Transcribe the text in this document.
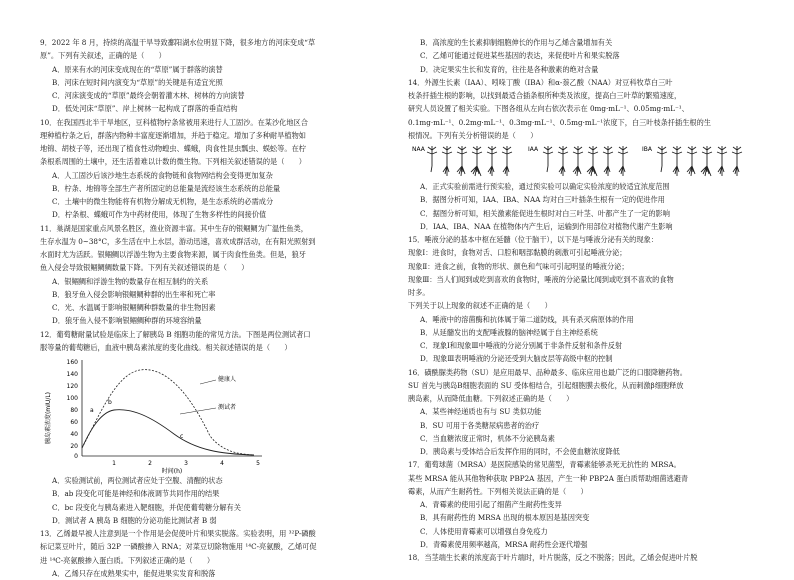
9．2022 年 8 月，持续的高温干旱导致鄱阳湖水位明显下降，很多地方的河床变成“草
原”。下列有关叙述，正确的是（　　）
A．原来有水的河床变成现在的“草原”属于群落的演替
B．河床在短时间内演变为“草原”的关键是有适宜光照
C．河床演变成的“草原”最终会朝着灌木林、树林的方向演替
D．低处河床“草原”、岸上树林一起构成了群落的垂直结构
10．在我国西北半干旱地区，豆科植物柠条常被用来进行人工固沙。在某沙化地区合
理种植柠条之后，群落内物种丰富度逐渐增加，并趋于稳定。增加了多种耐旱植物如
地锦、胡枝子等，还出现了植食性动物蝗虫、蝶蛾，肉食性昆虫瓢虫、蜈蚣等。在柠
条根系周围的土壤中，还生活着难以计数的微生物。下列相关叙述错误的是（　　）
A．人工固沙后该沙地生态系统的食物链和食物网结构会变得更加复杂
B．柠条、地锦等全部生产者所固定的总能量是流经该生态系统的总能量
C．土壤中的微生物能将有机物分解成无机物，是生态系统的必需成分
D．柠条根、蝶蛾可作为中药材使用，体现了生物多样性的间接价值
11．巢湖是国家重点风景名胜区，渔业资源丰富。其中生存的银鲴鲷为广温性鱼类，
生存水温为 0~38°C，多生活在中上水层，游动迅速，喜欢成群活动，在有阳光照射到
水面时尤为活跃。银鲴鲷以浮游生物为主要食物来源，属于肉食性鱼类。但是，狼牙
鱼入侵会导致银鲴鲷鲷数量下降。下列有关叙述错误的是（　　）
A．银鲴鲷和浮游生物的数量存在相互制约的关系
B．狼牙鱼入侵会影响银鲴鲷种群的出生率和死亡率
C．光、水温属于影响银鲴鲷种群数量的非生物因素
D．狼牙鱼入侵不影响银鲴鲷种群的环境容纳量
12．葡萄糖耐量试验是临床上了解胰岛 B 细胞功能的常见方法。下图是两位测试者口
服等量的葡萄糖后，血液中胰岛素浓度的变化曲线。相关叙述错误的是（　　）
胰岛素浓度(mIU/L)
160
140
120
100
80
60
40
20
0
1	2	3	4	5
时间(h)
a
b
c
健康人
测试者
A．实验测试前，两位测试者应处于空腹、清醒的状态
B．ab 段变化可能是神经和体液调节共同作用的结果
C．bc 段变化与胰岛素进入靶细胞，并促使葡萄糖分解有关
D．测试者 A 胰岛 B 细胞的分泌功能比测试者 B 弱
13．乙烯最早被人注意到是一个作用是会促使叶片和果实脱落。实验表明，用 ³²P-磷酸
标记菜豆叶片，随后 32P 一磷酸掺入 RNA；对菜豆切除物施用 ¹⁴C-亮氨酸，乙烯可促
进 ¹⁴C-亮氨酸掺入蛋白质。下列叙述正确的是（　　）
A．乙烯只存在成熟果实中，能促进果实发育和脱落
B．高浓度的生长素抑制细胞伸长的作用与乙烯含量增加有关
C．乙烯可能通过促进某些基因的表达，来促使叶片和果实脱落
D．决定果实生长和发育的，往往是各种激素的绝对含量
14．外源生长素（IAA）、吲哚丁酸（IBA）和α-萘乙酸（NAA）对豆科牧草白三叶
枝条扦插生根的影响，以找到最适合插条根所种类及浓度，提高白三叶草的繁殖速度，
研究人员设置了相关实验。下图各组从左向右依次表示在 0mg·mL⁻¹、0.05mg·mL⁻¹、
0.1mg·mL⁻¹、0.2mg·mL⁻¹、0.3mg·mL⁻¹、0.5mg·mL⁻¹浓度下，白三叶枝条扦插生根的生
根情况。下列有关分析错误的是（　　）
NAA	IAA	IBA
A．正式实验前需进行预实验，通过预实验可以确定实验浓度的较适宜浓度范围
B．据图分析可知，IAA、IBA、NAA 均对白三叶插条生根有一定的促进作用
C．据图分析可知，相关激素能促进生根时对白三叶茎、叶都产生了一定的影响
D．IAA、IBA、NAA 在植物体内产生后，运输到作用部位对植物代谢产生影响
15．唾液分泌的基本中枢在延髓（位于脑干），以下是与唾液分泌有关的现象：
现象Ⅰ：进食时，食物对舌、口腔和咽部黏膜的刺激可引起唾液分泌；
现象Ⅱ：进食之前，食物的形状、颜色和气味可引起明显的唾液分泌；
现象Ⅲ：当人们闻到或吃到喜欢的食物时，唾液的分泌量比闻到或吃到不喜欢的食物
时多。
下列关于以上现象的叙述不正确的是（　　）
A．唾液中的溶菌酶和抗体属于第二道防线，具有杀灭病原体的作用
B．从延髓发出的支配唾液腺的脑神经属于自主神经系统
C．现象Ⅰ和现象Ⅲ中唾液的分泌分别属于非条件反射和条件反射
D．现象Ⅲ表明唾液的分泌还受到大脑皮层等高级中枢的控制
16．磺酰脲类药物（SU）是应用最早、品种最多、临床应用也最广泛的口服降糖药物。
SU 首先与胰岛B细胞表面的 SU 受体相结合，引起细胞膜去极化，从而刺激β细胞释放
胰岛素，从而降低血糖。下列叙述正确的是（　　）
A．某些神经递质也有与 SU 类似功能
B．SU 可用于各类糖尿病患者的治疗
C．当血糖浓度正常时，机体不分泌胰岛素
D．胰岛素与受体结合后发挥作用的同时，不会使血糖浓度降低
17．葡萄球菌（MRSA）是医院感染的常见菌型，青霉素能够杀死无抗性的 MRSA。
某些 MRSA 能从其他物种获取 PBP2A 基因，产生一种 PBP2A 蛋白质帮助细菌逃避青
霉素，从而产生耐药性。下列相关说法正确的是（　　）
A．青霉素的使用引起了细菌产生耐药性变异
B．具有耐药性的 MRSA 出现的根本原因是基因突变
C．人体使用青霉素可以增强自身免疫力
D．青霉素使用频率越高，MRSA 耐药性会逐代增强
18．当茎端生长素的浓度高于叶片端时，叶片脱落，反之不脱落；因此，乙烯会促进叶片脱
